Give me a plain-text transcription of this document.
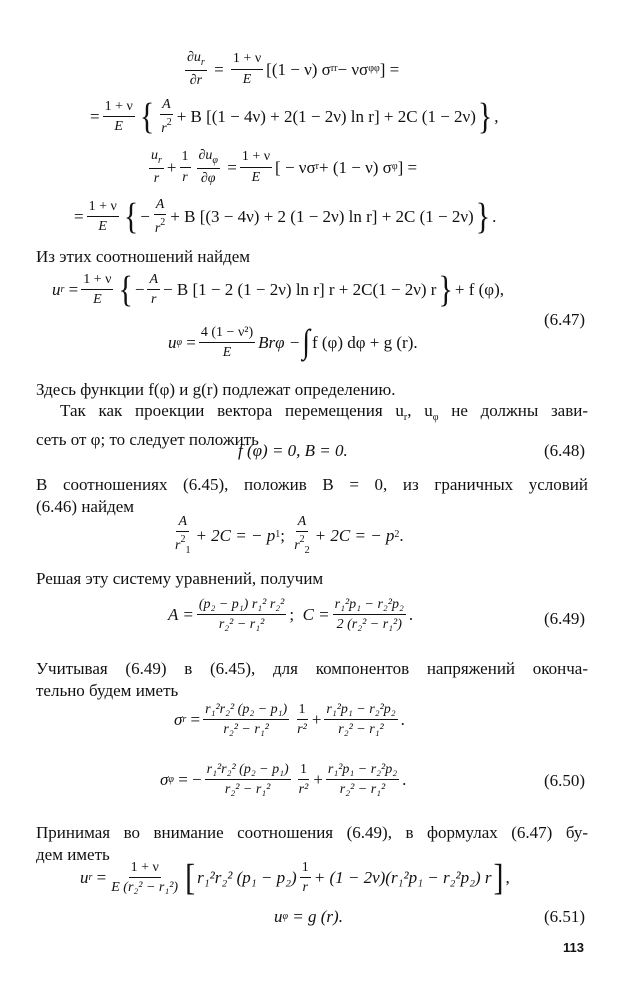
$\frac{\partial u_r}{\partial r} = \frac{1 + \nu}{E} [(1 - \nu)$ σ rr − νσ φφ ] =
= $\frac{1 + \nu}{E}$ { $\frac{A}{r^2} + B$ [(1 − 4ν) + 2(1 − 2ν) ln r] + 2C (1 − 2ν) } ,
$\frac{u_r}{r} + \frac{1}{r} \frac{\partial u_\varphi}{\partial\varphi}$
= $\frac{1 + \nu}{E}$ [ − νσ r + (1 − ν) σ φ ] =
= $\frac{1 + \nu}{E}$ { − $\frac{A}{r^2} + B$ [(3 − 4ν) + 2 (1 − 2ν) ln r] + 2C (1 − 2ν) } .
Из этих соотношений найдем
u r
= $\frac{1 + \nu}{E}$ { − $\frac{A}{r} - B$ [1 − 2 (1 − 2ν) ln r] r + 2C(1 − 2ν) r } + f (φ),
(6.47)
u $\varphi = \frac{\text{4 (1 − ν²)}}{E}$ Brφ − ∫ f (φ) dφ + g (r).
Здесь функции f(φ) и g(r) подлежат определению.
Так как проекции вектора перемещения $u_r$, $u_\varphi$ не должны зави-
сеть от φ; то следует положить
f (φ) = 0, B = 0.	(6.48)
В соотношениях (6.45), положив B = 0, из граничных условий
(6.46) найдем
$\frac{A}{r^2_1} + 2C$ = − p 1 ;
$\frac{A}{r^2_2} + 2C$ = − p 2 .
Решая эту систему уравнений, получим
$A = \frac{\text{(p₂ − p₁) r₁² r₂²}}{\text{r₂² − r₁²}}$ ;
$C = \frac{\text{r₁²p₁ − r₂²p₂}}{\text{2 (r₂² − r₁²)}}$ .	(6.49)
Учитывая (6.49) в (6.45), для компонентов напряжений оконча-
тельно будем иметь
σ r
= $\frac{\text{r₁²r₂² (p₂ − p₁)}}{\text{r₂² − r₁²}} \frac{1}{\text{r²}} + \frac{\text{r₁²p₁ − r₂²p₂}}{\text{r₂² − r₁²}}$ .
σ φ
= − $\frac{\text{r₁²r₂² (p₂ − p₁)}}{\text{r₂² − r₁²}} \frac{1}{\text{r²}} + \frac{\text{r₁²p₁ − r₂²p₂}}{\text{r₂² − r₁²}}$ .	(6.50)
Принимая во внимание соотношения (6.49), в формулах (6.47) бу-
дем иметь
u r
= $\frac{1 + \nu}{\text{E (r₂² − r₁²)}}$ [ r₁²r₂² $(p_1 - p_2) \frac{1}{r} + (1 - 2\nu)(r_1^2p_1 - r_2^2p_2)$ r ] ,
u φ
= g (r).	(6.51)
113
